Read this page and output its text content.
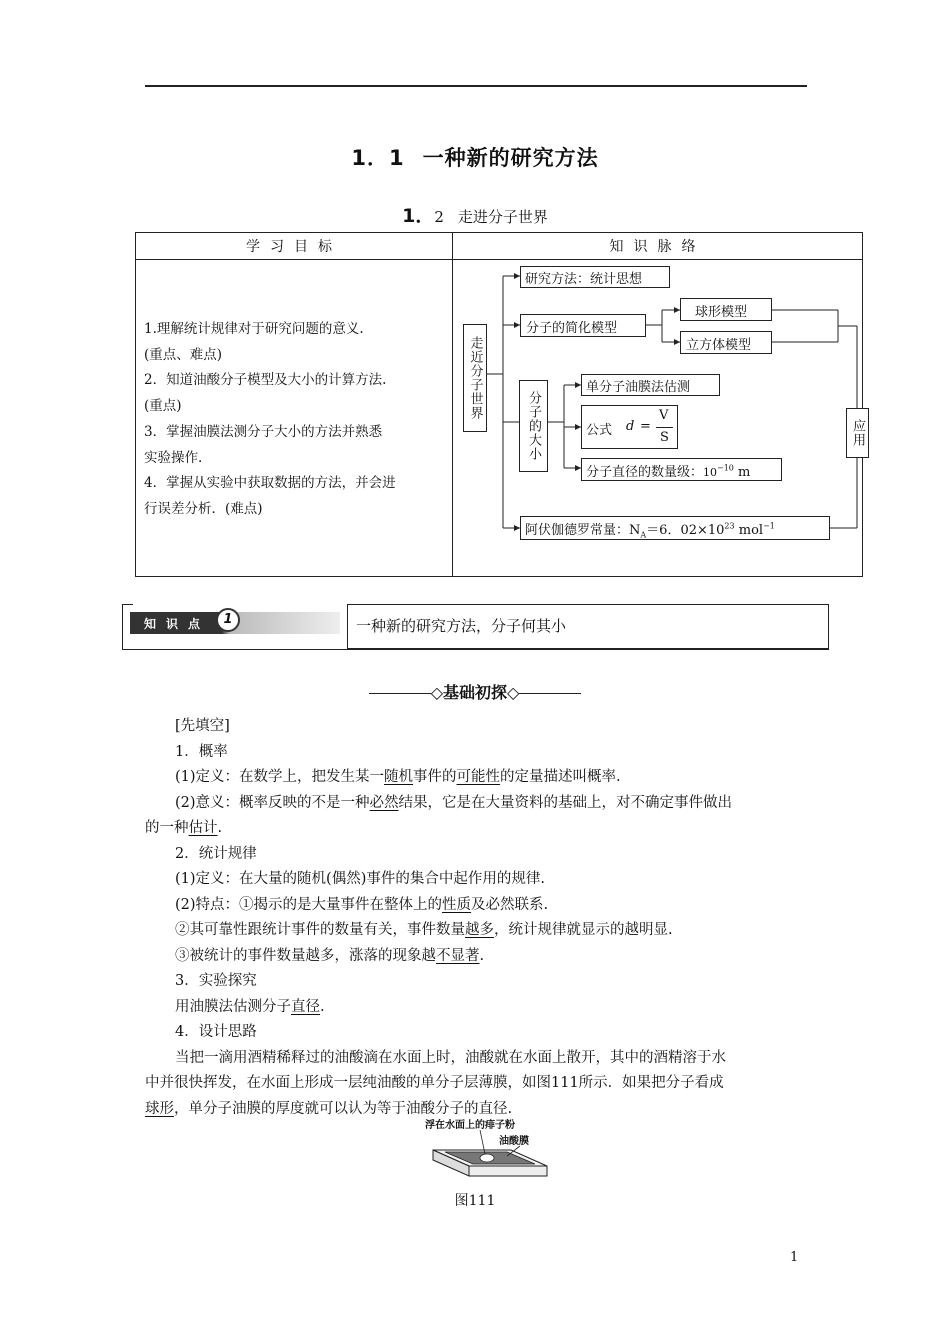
1．1 一种新的研究方法
1．2 走进分子世界
学习目标	知识脉络
1.理解统计规律对于研究问题的意义.
(重点、难点)
2．知道油酸分子模型及大小的计算方法.
(重点)
3．掌握油膜法测分子大小的方法并熟悉
实验操作.
4．掌握从实验中获取数据的方法，并会进
行误差分析．(难点)
走近分子世界
研究方法：统计思想
分子的简化模型
球形模型
立方体模型
分子的大小
单分子油膜法估测
公式 d =
V
S
分子直径的数量级：$10^{-10}$ m
应用
阿伏伽德罗常量：$N_A=6$．$02\times 10^{23}$ mol$^{-1}$
知识点	1	一种新的研究方法，分子何其小
◇基础初探◇
[先填空]
1．概率
(1)定义：在数学上，把发生某一随机事件的可能性的定量描述叫概率.
(2)意义：概率反映的不是一种必然结果，它是在大量资料的基础上，对不确定事件做出
的一种估计.
2．统计规律
(1)定义：在大量的随机(偶然)事件的集合中起作用的规律.
(2)特点：①揭示的是大量事件在整体上的性质及必然联系.
②其可靠性跟统计事件的数量有关，事件数量越多，统计规律就显示的越明显.
③被统计的事件数量越多，涨落的现象越不显著.
3．实验探究
用油膜法估测分子直径.
4．设计思路
当把一滴用酒精稀释过的油酸滴在水面上时，油酸就在水面上散开，其中的酒精溶于水
中并很快挥发，在水面上形成一层纯油酸的单分子层薄膜，如图111所示．如果把分子看成
球形，单分子油膜的厚度就可以认为等于油酸分子的直径.
浮在水面上的痱子粉
油酸膜
图111
1
